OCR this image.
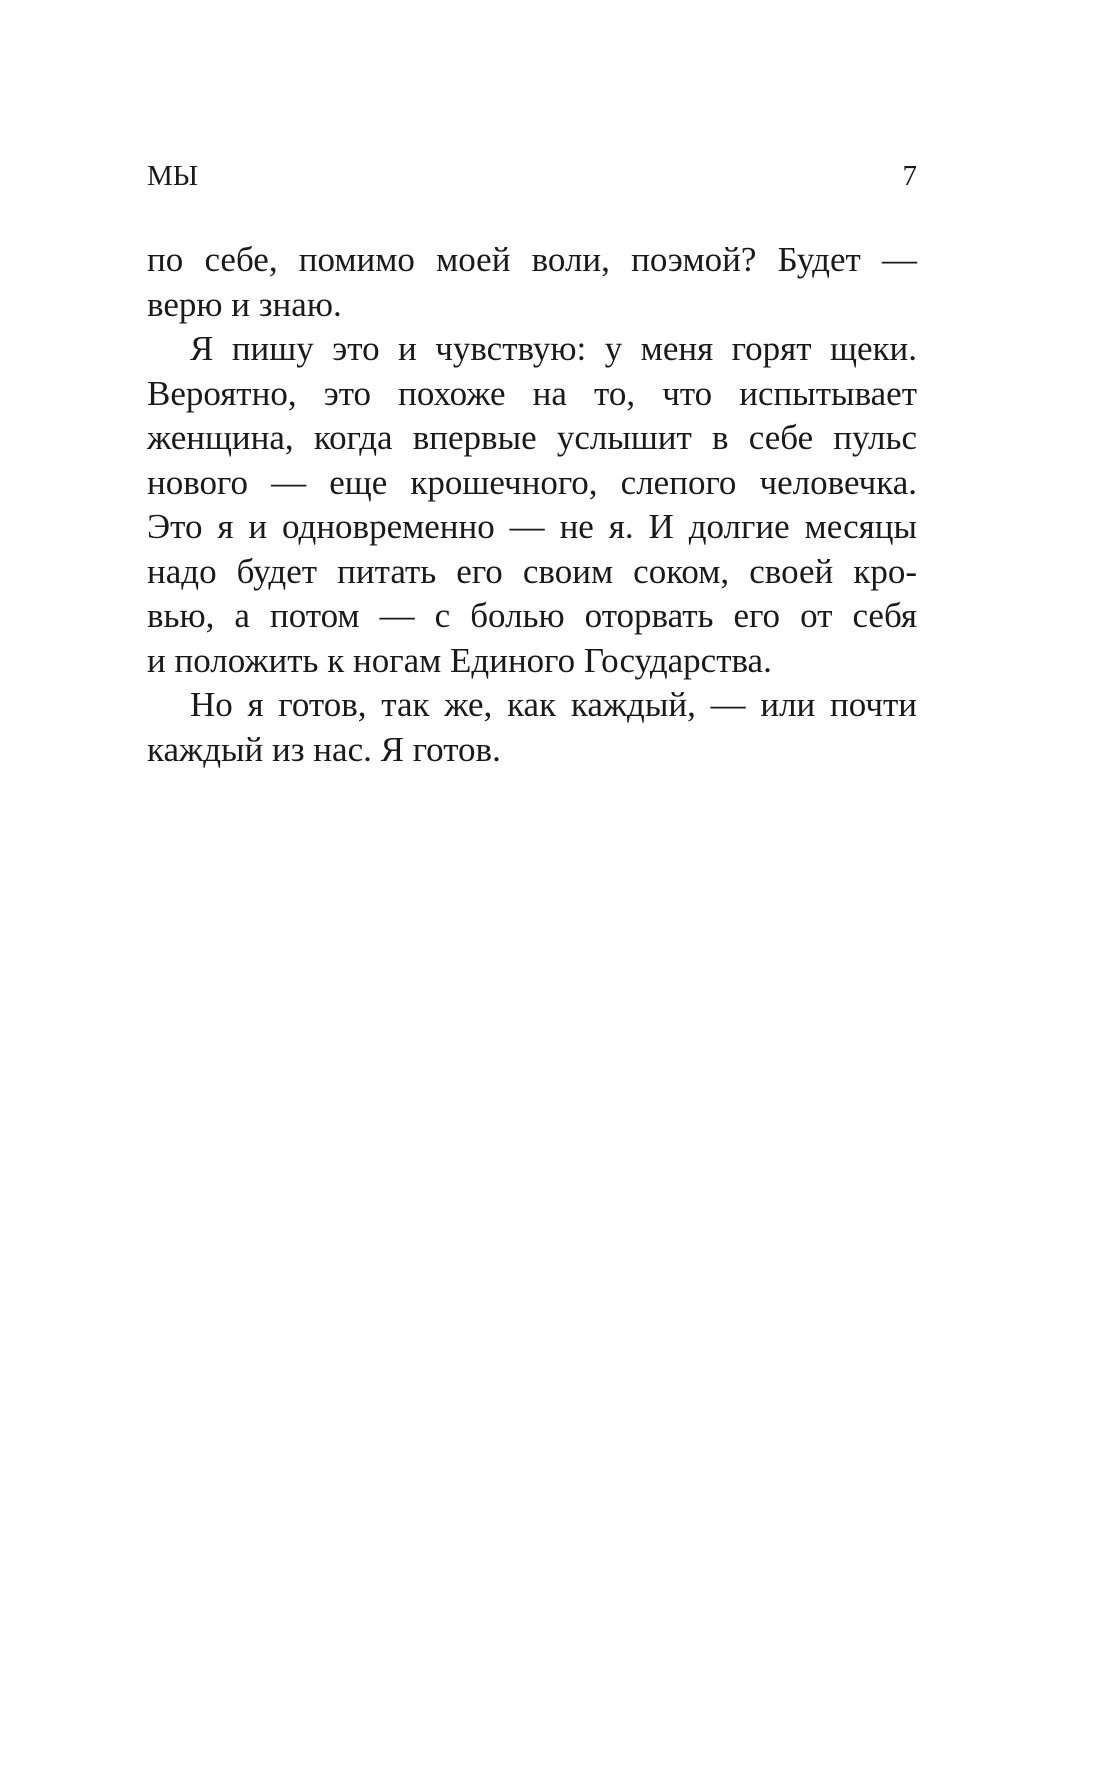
МЫ	7
по себе, помимо моей воли, поэмой? Будет —
верю и знаю.
Я пишу это и чувствую: у меня горят щеки.
Вероятно, это похоже на то, что испытывает
женщина, когда впервые услышит в себе пульс
нового — еще крошечного, слепого человечка.
Это я и одновременно — не я. И долгие месяцы
надо будет питать его своим соком, своей кро-
вью, а потом — с болью оторвать его от себя
и положить к ногам Единого Государства.
Но я готов, так же, как каждый, — или почти
каждый из нас. Я готов.
